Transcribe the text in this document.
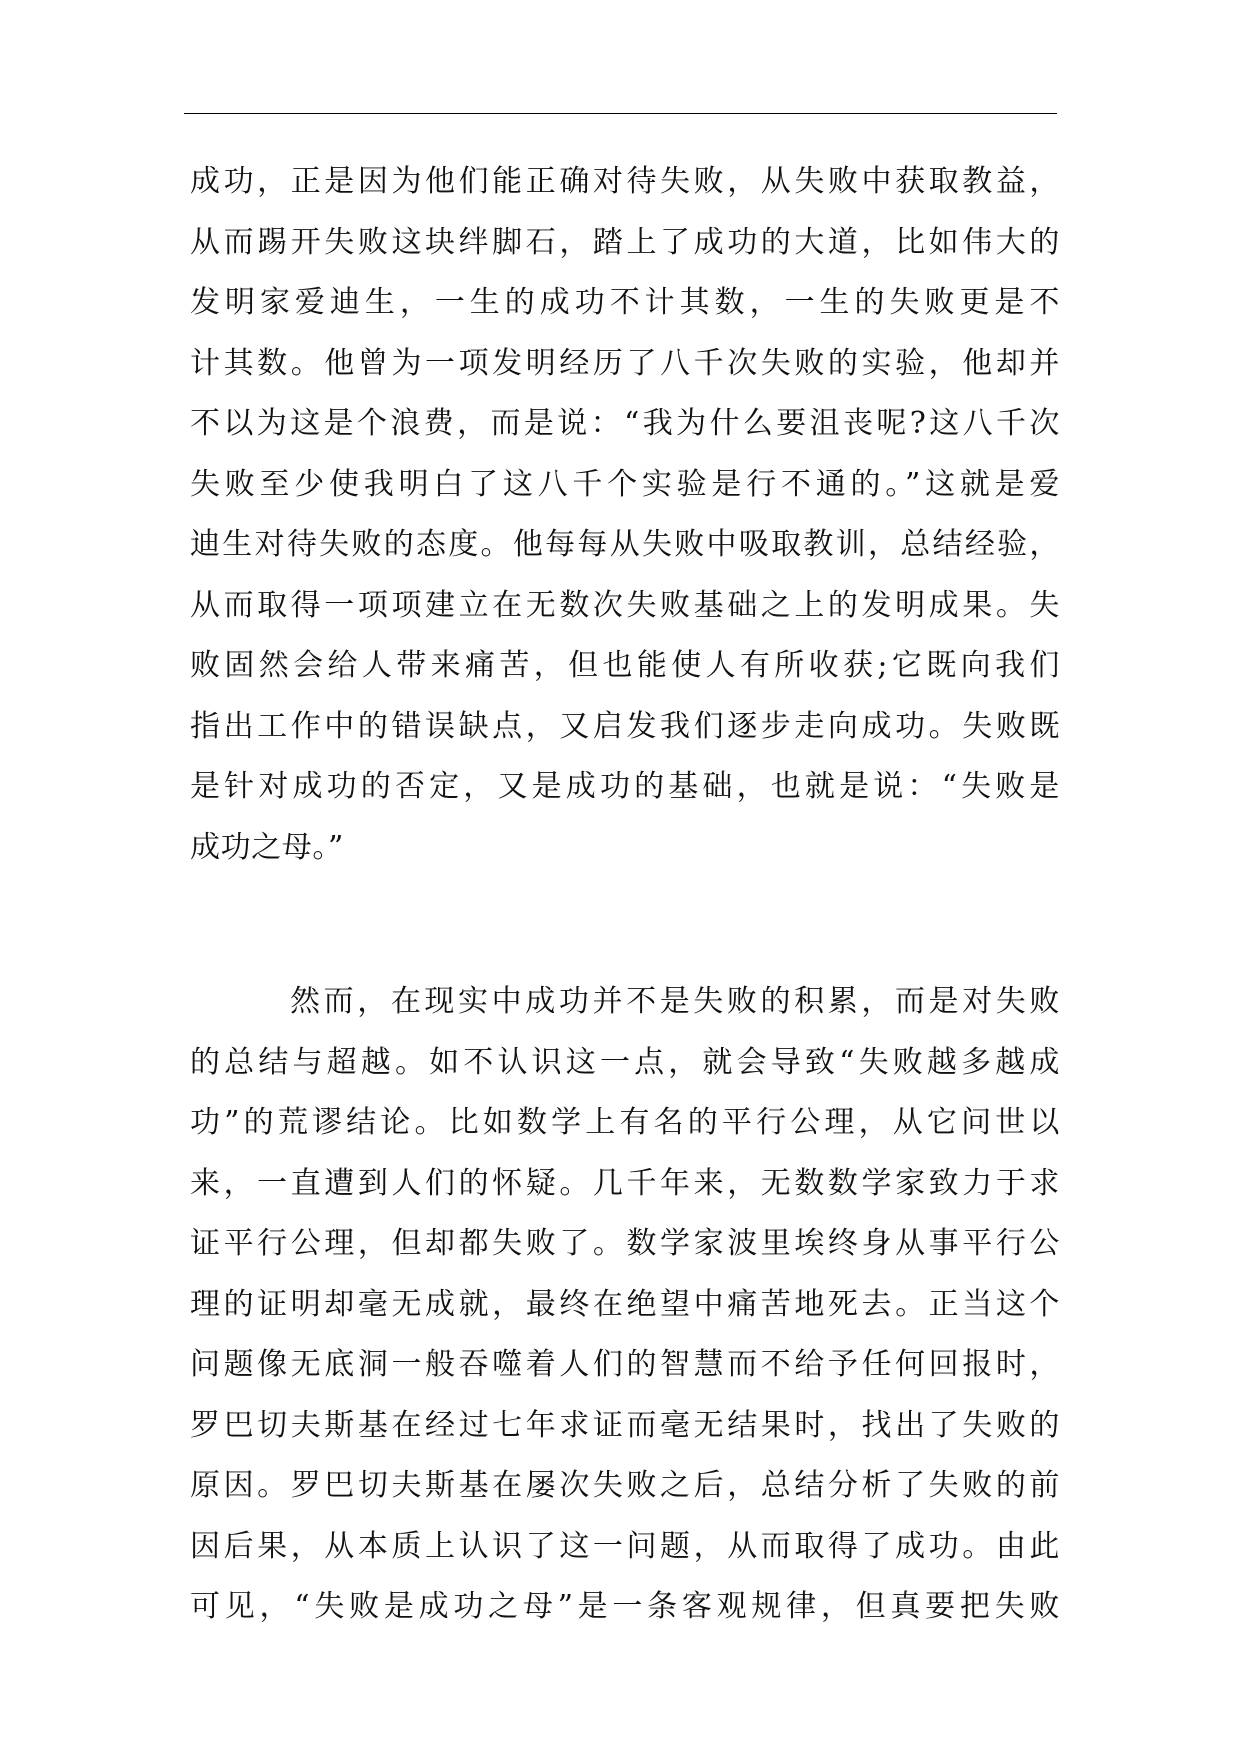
成功，正是因为他们能正确对待失败，从失败中获取教益，
从而踢开失败这块绊脚石，踏上了成功的大道，比如伟大的
发明家爱迪生，一生的成功不计其数，一生的失败更是不
计其数。他曾为一项发明经历了八千次失败的实验，他却并
不以为这是个浪费，而是说：“我为什么要沮丧呢?这八千次
失败至少使我明白了这八千个实验是行不通的。”这就是爱
迪生对待失败的态度。他每每从失败中吸取教训，总结经验，
从而取得一项项建立在无数次失败基础之上的发明成果。失
败固然会给人带来痛苦，但也能使人有所收获;它既向我们
指出工作中的错误缺点，又启发我们逐步走向成功。失败既
是针对成功的否定，又是成功的基础，也就是说：“失败是
成功之母。”
然而，在现实中成功并不是失败的积累，而是对失败
的总结与超越。如不认识这一点，就会导致“失败越多越成
功”的荒谬结论。比如数学上有名的平行公理，从它问世以
来，一直遭到人们的怀疑。几千年来，无数数学家致力于求
证平行公理，但却都失败了。数学家波里埃终身从事平行公
理的证明却毫无成就，最终在绝望中痛苦地死去。正当这个
问题像无底洞一般吞噬着人们的智慧而不给予任何回报时，
罗巴切夫斯基在经过七年求证而毫无结果时，找出了失败的
原因。罗巴切夫斯基在屡次失败之后，总结分析了失败的前
因后果，从本质上认识了这一问题，从而取得了成功。由此
可见，“失败是成功之母”是一条客观规律，但真要把失败
